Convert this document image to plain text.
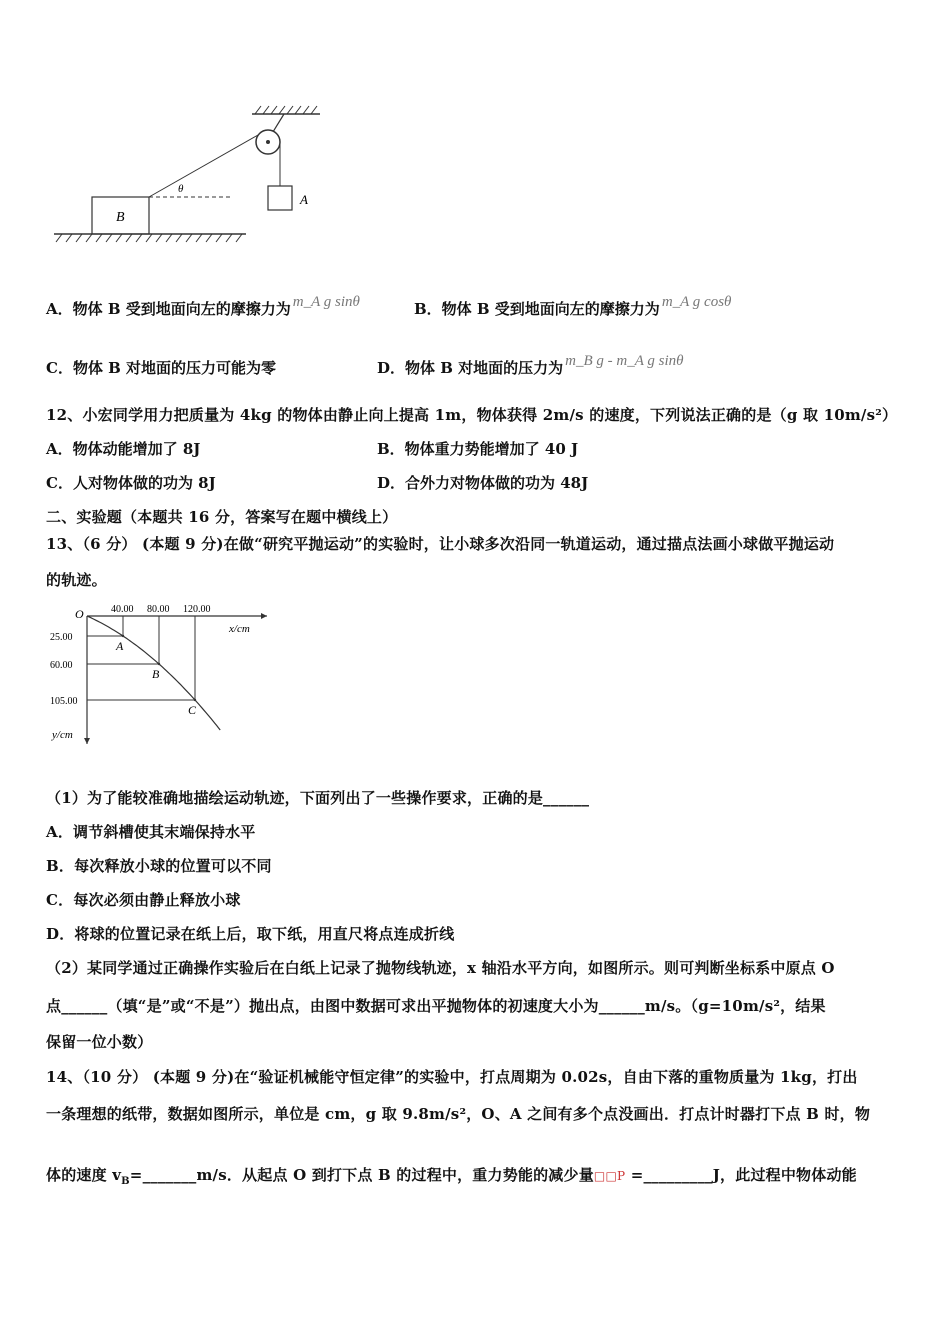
A
θ
B
A．物体 B 受到地面向左的摩擦力为 m_A g sinθ	B．物体 B 受到地面向左的摩擦力为 m_A g cosθ
C．物体 B 对地面的压力可能为零	D．物体 B 对地面的压力为 m_B g - m_A g sinθ
12、小宏同学用力把质量为 4kg 的物体由静止向上提高 1m，物体获得 2m/s 的速度，下列说法正确的是（g 取 10m/s²）
A．物体动能增加了 8J	B．物体重力势能增加了 40 J
C．人对物体做的功为 8J	D．合外力对物体做的功为 48J
二、实验题（本题共 16 分，答案写在题中横线上）
13、（6 分） (本题 9 分)在做“研究平抛运动”的实验时，让小球多次沿同一轨道运动，通过描点法画小球做平抛运动
的轨迹。
x/cm
y/cm
O	40.00
25.00
A
80.00
60.00
B
120.00
105.00
C
（1）为了能较准确地描绘运动轨迹，下面列出了一些操作要求，正确的是______
A．调节斜槽使其末端保持水平
B．每次释放小球的位置可以不同
C．每次必须由静止释放小球
D．将球的位置记录在纸上后，取下纸，用直尺将点连成折线
（2）某同学通过正确操作实验后在白纸上记录了抛物线轨迹，x 轴沿水平方向，如图所示。则可判断坐标系中原点 O
点______（填“是”或“不是”）抛出点，由图中数据可求出平抛物体的初速度大小为______m/s。（g=10m/s²，结果
保留一位小数）
14、（10 分） (本题 9 分)在“验证机械能守恒定律”的实验中，打点周期为 0.02s，自由下落的重物质量为 1kg，打出
一条理想的纸带，数据如图所示，单位是 cm，g 取 9.8m/s²，O、A 之间有多个点没画出．打点计时器打下点 B 时，物
体的速度 $v_B=\_\_\_\_\_\_\_m/s$．从起点 O 到打下点 B 的过程中，重力势能的减少量□□P =_________J，此过程中物体动能
